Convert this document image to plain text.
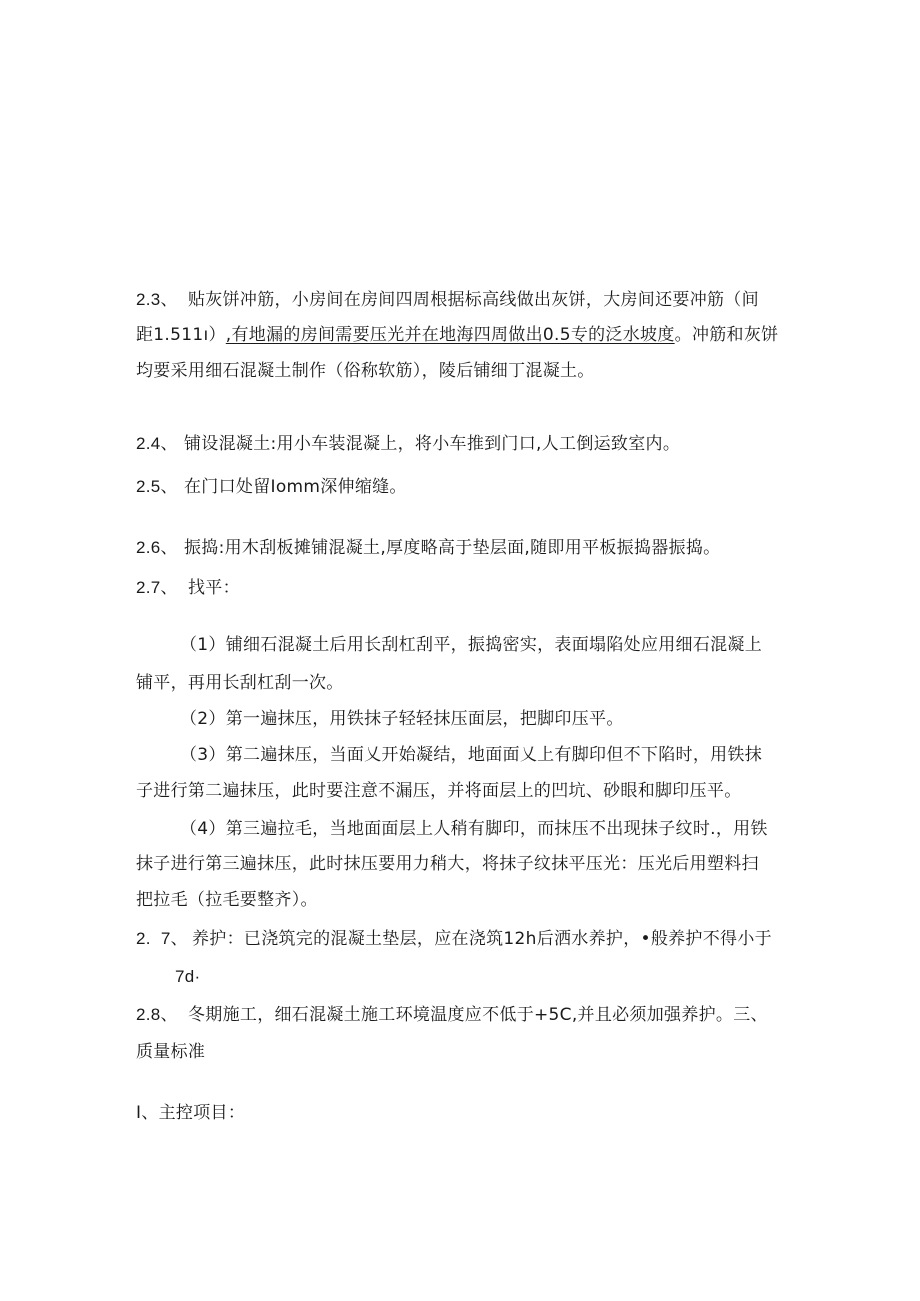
2.3、 贴灰饼冲筋，小房间在房间四周根据标高线做出灰饼，大房间还要冲筋（间
距1.511ı）,有地漏的房间需要压光并在地海四周做出0.5专的泛水坡度。冲筋和灰饼
均要采用细石混凝土制作（俗称软筋），陵后铺细丁混凝土。
2.4、 铺设混凝土:用小车装混凝上，将小车推到门口,人工倒运致室内。
2.5、 在门口处留Iomm深伸缩缝。
2.6、 振捣:用木刮板摊铺混凝土,厚度略高于垫层面,随即用平板振捣器振捣。
2.7、 找平：
（1）铺细石混凝土后用长刮杠刮平，振捣密实，表面塌陷处应用细石混凝上
铺平，再用长刮杠刮一次。
（2）第一遍抹压，用铁抹子轻轻抹压面层，把脚印压平。
（3）第二遍抹压，当面乂开始凝结，地面面乂上有脚印但不下陷时，用铁抹
子进行第二遍抹压，此时要注意不漏压，并将面层上的凹坑、砂眼和脚印压平。
（4）第三遍拉毛，当地面面层上人稍有脚印，而抹压不出现抹子纹时.，用铁
抹子进行第三遍抹压，此时抹压要用力稍大，将抹子纹抹平压光：压光后用塑料扫
把拉毛（拉毛要整齐）。
2.  7、 养护：已浇筑完的混凝土垫层，应在浇筑12h后洒水养护，•般养护不得小于
7d·
2.8、 冬期施工，细石混凝土施工环境温度应不低于+5C,并且必须加强养护。三、
质量标准
I、主控项目：
